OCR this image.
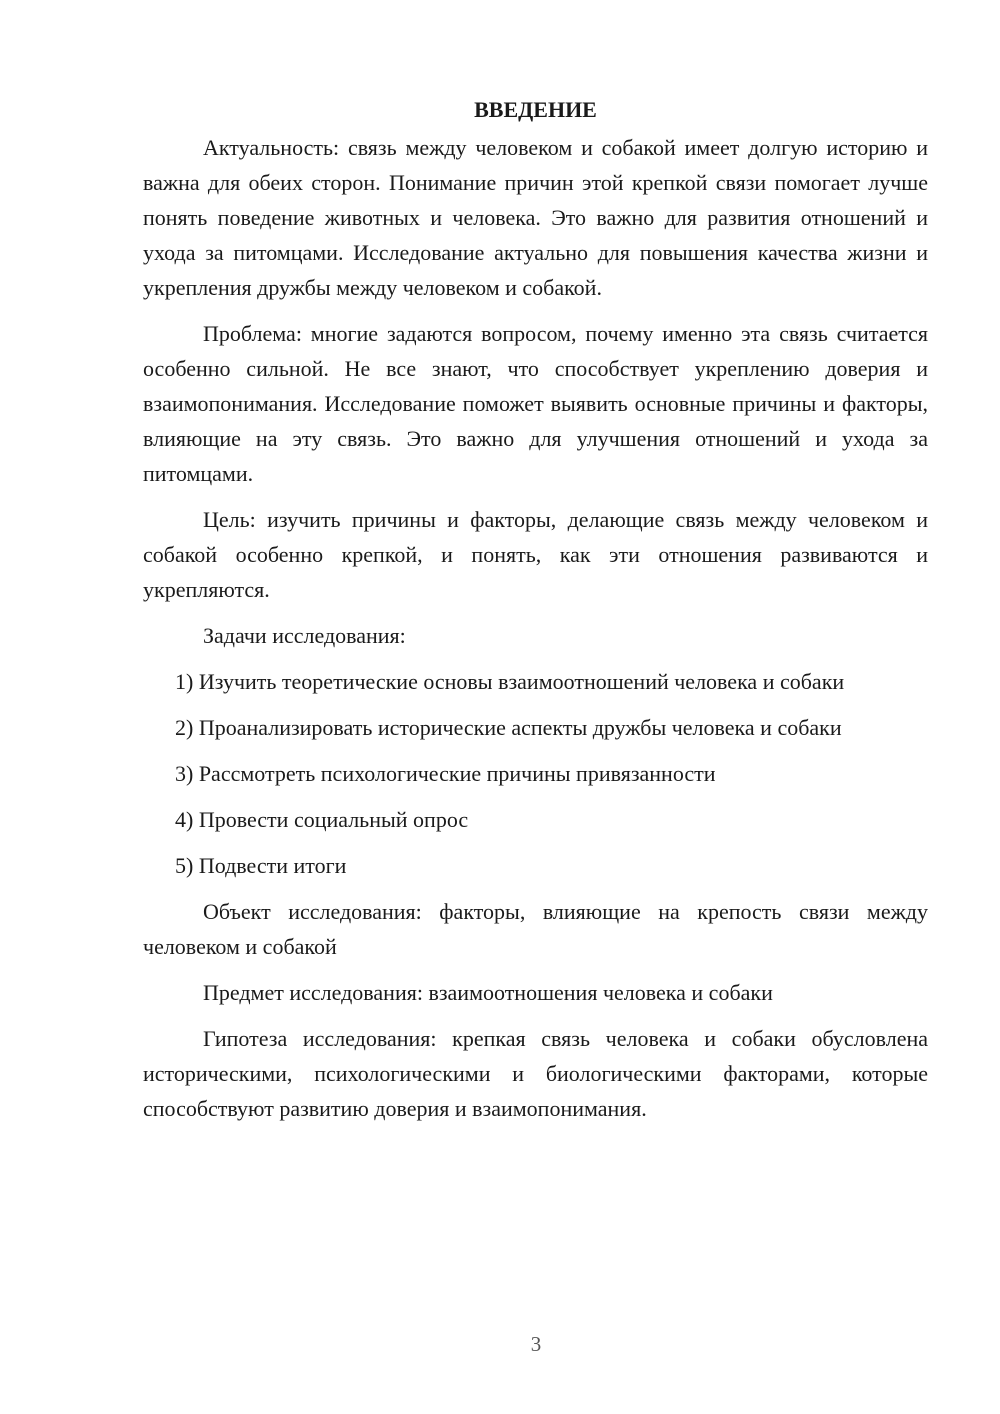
ВВЕДЕНИЕ

Актуальность: связь между человеком и собакой имеет долгую историю и важна для обеих сторон. Понимание причин этой крепкой связи помогает лучше понять поведение животных и человека. Это важно для развития отношений и ухода за питомцами. Исследование актуально для повышения качества жизни и укрепления дружбы между человеком и собакой.

Проблема: многие задаются вопросом, почему именно эта связь считается особенно сильной. Не все знают, что способствует укреплению доверия и взаимопонимания. Исследование поможет выявить основные причины и факторы, влияющие на эту связь. Это важно для улучшения отношений и ухода за питомцами.

Цель: изучить причины и факторы, делающие связь между человеком и собакой особенно крепкой, и понять, как эти отношения развиваются и укрепляются.

Задачи исследования:

1) Изучить теоретические основы взаимоотношений человека и собаки

2) Проанализировать исторические аспекты дружбы человека и собаки

3) Рассмотреть психологические причины привязанности

4) Провести социальный опрос

5) Подвести итоги

Объект исследования: факторы, влияющие на крепость связи между человеком и собакой

Предмет исследования: взаимоотношения человека и собаки

Гипотеза исследования: крепкая связь человека и собаки обусловлена историческими, психологическими и биологическими факторами, которые способствуют развитию доверия и взаимопонимания.

3
